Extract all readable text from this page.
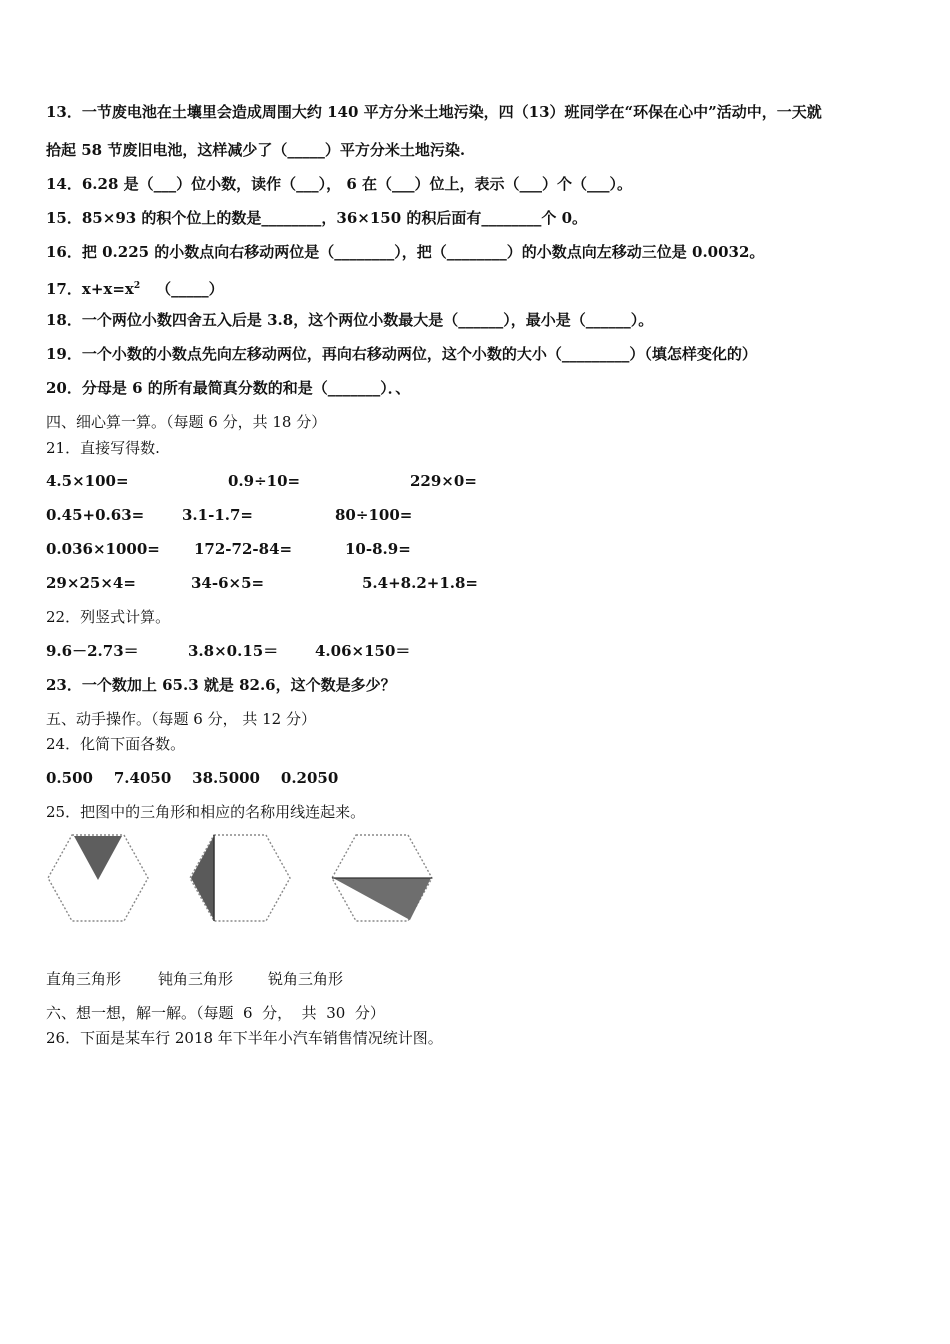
13．一节废电池在土壤里会造成周围大约 140 平方分米土地污染，四（13）班同学在“环保在心中”活动中，一天就
拾起 58 节废旧电池，这样减少了（_____）平方分米土地污染.
14．6.28 是（___）位小数，读作（___）， 6 在（___）位上，表示（___）个（___）。
15．85×93 的积个位上的数是________，36×150 的积后面有________个 0。
16．把 0.225 的小数点向右移动两位是（________），把（________）的小数点向左移动三位是 0.0032。
17．$x+x=x^2$ （_____）
18．一个两位小数四舍五入后是 3.8，这个两位小数最大是（______），最小是（______）。
19．一个小数的小数点先向左移动两位，再向右移动两位，这个小数的大小（_________）（填怎样变化的）
20．分母是 6 的所有最简真分数的和是（_______）．、
四、细心算一算。（每题 6 分，共 18 分）
21．直接写得数.
4.5×100=	0.9÷10=	229×0=
0.45+0.63=	3.1-1.7=	80÷100=
0.036×1000= 172-72-84=	10-8.9=
29×25×4=	34-6×5=	5.4+8.2+1.8=
22．列竖式计算。
9.6－2.73＝	3.8×0.15＝ 4.06×150＝
23．一个数加上 65.3 就是 82.6，这个数是多少？
五、动手操作。（每题 6 分， 共 12 分）
24．化简下面各数。
0.500    7.4050    38.5000    0.2050
25．把图中的三角形和相应的名称用线连起来。
直角三角形 钝角三角形 锐角三角形
六、想一想，解一解。（每题  6  分，  共  30  分）
26．下面是某车行 2018 年下半年小汽车销售情况统计图。
